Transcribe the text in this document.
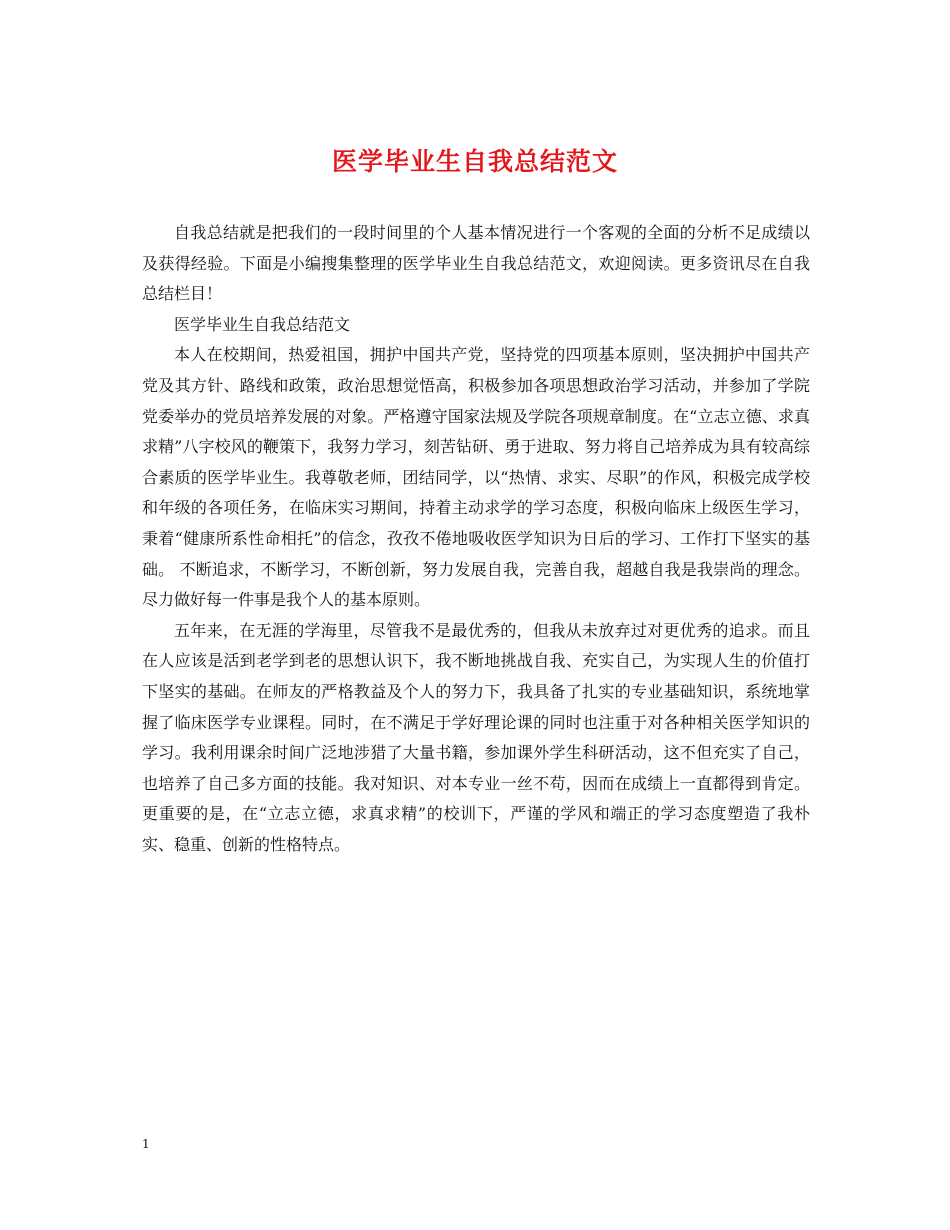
医学毕业生自我总结范文

自我总结就是把我们的一段时间里的个人基本情况进行一个客观的全面的分析不足成绩以及获得经验。下面是小编搜集整理的医学毕业生自我总结范文，欢迎阅读。更多资讯尽在自我总结栏目！

医学毕业生自我总结范文

本人在校期间，热爱祖国，拥护中国共产党，坚持党的四项基本原则，坚决拥护中国共产党及其方针、路线和政策，政治思想觉悟高，积极参加各项思想政治学习活动，并参加了学院党委举办的党员培养发展的对象。严格遵守国家法规及学院各项规章制度。在“立志立德、求真求精”八字校风的鞭策下，我努力学习，刻苦钻研、勇于进取、努力将自己培养成为具有较高综合素质的医学毕业生。我尊敬老师，团结同学，以“热情、求实、尽职”的作风，积极完成学校和年级的各项任务，在临床实习期间，持着主动求学的学习态度，积极向临床上级医生学习，秉着“健康所系性命相托”的信念，孜孜不倦地吸收医学知识为日后的学习、工作打下坚实的基础。 不断追求，不断学习，不断创新，努力发展自我，完善自我，超越自我是我崇尚的理念。尽力做好每一件事是我个人的基本原则。

五年来，在无涯的学海里，尽管我不是最优秀的，但我从未放弃过对更优秀的追求。而且在人应该是活到老学到老的思想认识下，我不断地挑战自我、充实自己，为实现人生的价值打下坚实的基础。在师友的严格教益及个人的努力下，我具备了扎实的专业基础知识，系统地掌握了临床医学专业课程。同时，在不满足于学好理论课的同时也注重于对各种相关医学知识的学习。我利用课余时间广泛地涉猎了大量书籍，参加课外学生科研活动，这不但充实了自己，也培养了自己多方面的技能。我对知识、对本专业一丝不苟，因而在成绩上一直都得到肯定。更重要的是，在“立志立德，求真求精”的校训下，严谨的学风和端正的学习态度塑造了我朴实、稳重、创新的性格特点。

1
